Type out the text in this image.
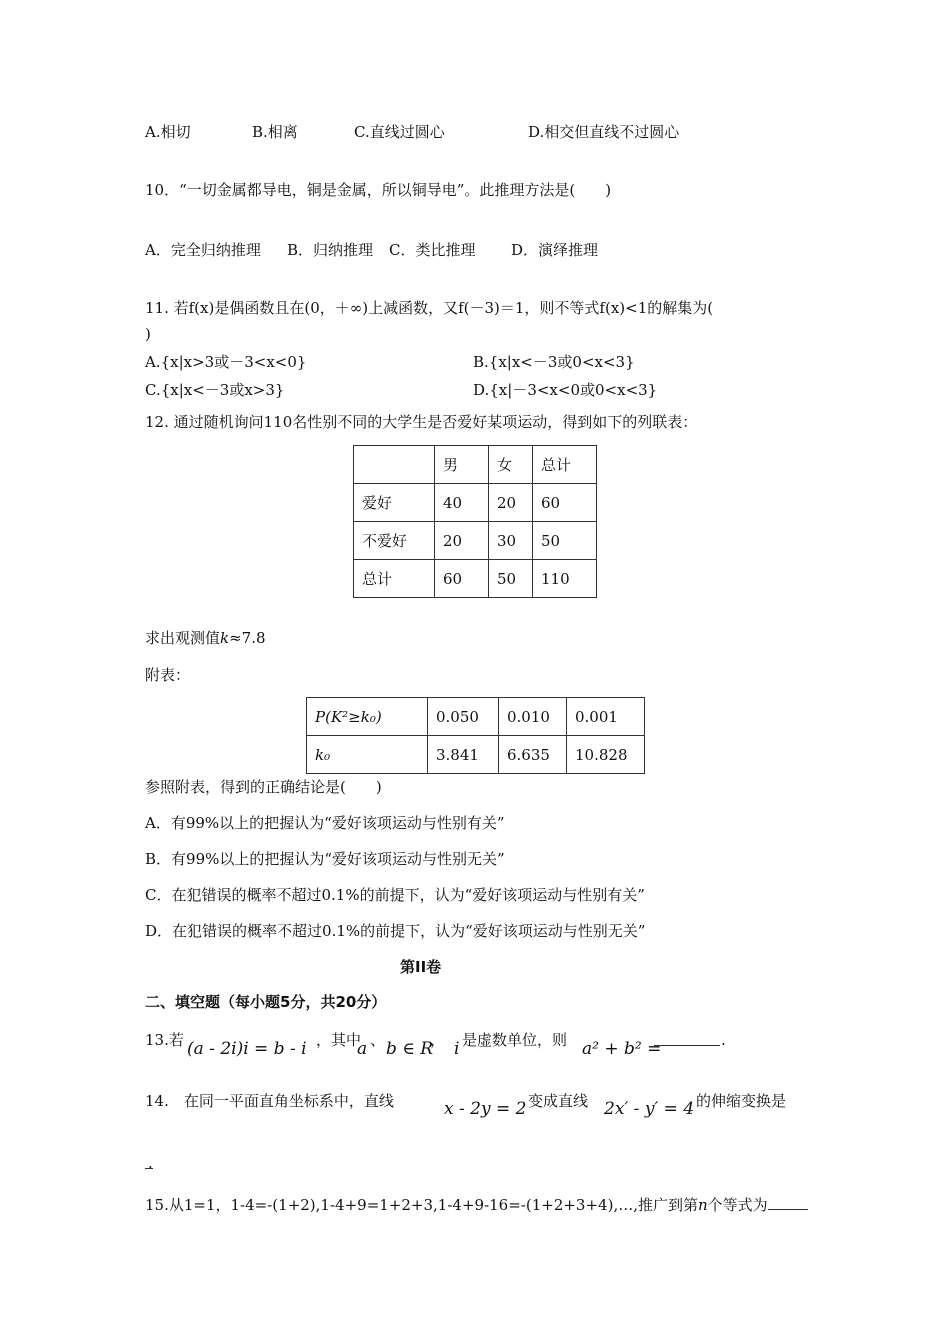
A.相切	B.相离	C.直线过圆心	D.相交但直线不过圆心
10．“一切金属都导电，铜是金属，所以铜导电”。此推理方法是(　　)
A．完全归纳推理 B．归纳推理 C．类比推理 D．演绎推理
11. 若f(x)是偶函数且在(0，＋∞)上减函数，又f(－3)＝1，则不等式f(x)<1的解集为(
)
A.{x|x>3或－3<x<0}	B.{x|x<－3或0<x<3}
C.{x|x<－3或x>3}	D.{x|－3<x<0或0<x<3}
12. 通过随机询问110名性别不同的大学生是否爱好某项运动，得到如下的列联表：
	男	女	总计
爱好	40	20	60
不爱好	20	30	50
总计	60	50	110
求出观测值k≈7.8
附表：
P(K²≥k₀)	0.050	0.010	0.001
k₀	3.841	6.635	10.828
参照附表，得到的正确结论是(　　)
A．有99%以上的把握认为“爱好该项运动与性别有关”
B．有99%以上的把握认为“爱好该项运动与性别无关”
C．在犯错误的概率不超过0.1%的前提下，认为“爱好该项运动与性别有关”
D．在犯错误的概率不超过0.1%的前提下，认为“爱好该项运动与性别无关”
第II卷
二、填空题（每小题5分，共20分）
13.若 (a - 2i)i = b - i ，其中
a 、 b ∈ R
， i 是虚数单位，则 a² + b² =	.
14.　在同一平面直角坐标系中，直线	x - 2y = 2 变成直线 2x′ - y′ = 4 的伸缩变换是
.
15.从1=1，1-4=-(1+2),1-4+9=1+2+3,1-4+9-16=-(1+2+3+4),…,推广到第n个等式为
